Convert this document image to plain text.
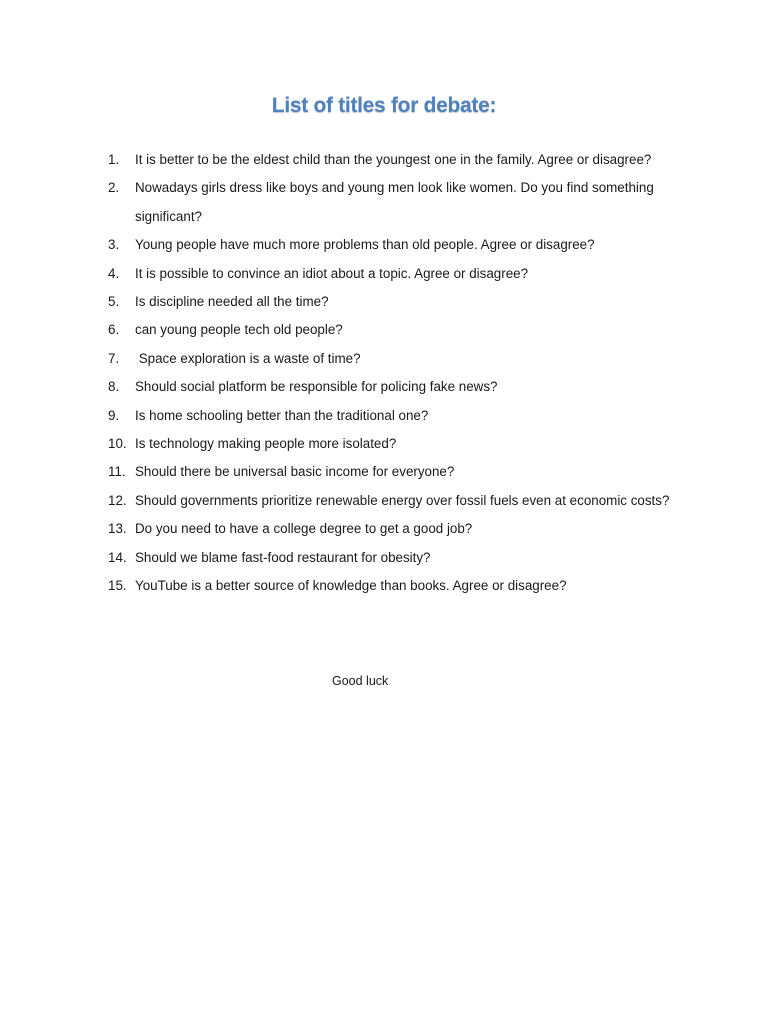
List of titles for debate:
1.	It is better to be the eldest child than the youngest one in the family. Agree or disagree?
2.	Nowadays girls dress like boys and young men look like women. Do you find something significant?
3.	Young people have much more problems than old people. Agree or disagree?
4.	It is possible to convince an idiot about a topic. Agree or disagree?
5.	Is discipline needed all the time?
6.	can young people tech old people?
7.	Space exploration is a waste of time?
8.	Should social platform be responsible for policing fake news?
9.	Is home schooling better than the traditional one?
10. Is technology making people more isolated?
11. Should there be universal basic income for everyone?
12. Should governments prioritize renewable energy over fossil fuels even at economic costs?
13. Do you need to have a college degree to get a good job?
14. Should we blame fast-food restaurant for obesity?
15. YouTube is a better source of knowledge than books. Agree or disagree?
Good luck
